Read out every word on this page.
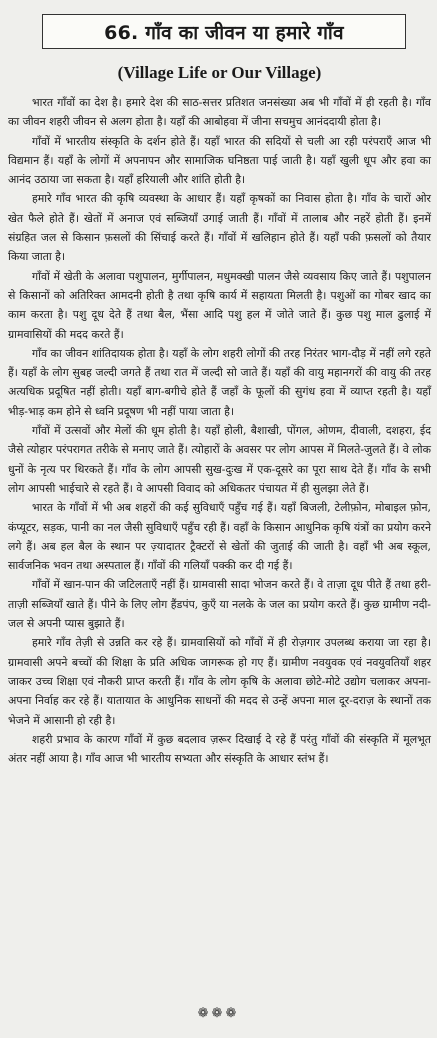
66. गाँव का जीवन या हमारे गाँव
(Village Life or Our Village)

भारत गाँवों का देश है। हमारे देश की साठ-सत्तर प्रतिशत जनसंख्या अब भी गाँवों में ही रहती है। गाँव का जीवन शहरी जीवन से अलग होता है। यहाँ की आबोहवा में जीना सचमुच आनंददायी होता है।

गाँवों में भारतीय संस्कृति के दर्शन होते हैं। यहाँ भारत की सदियों से चली आ रही परंपराएँ आज भी विद्यमान हैं। यहाँ के लोगों में अपनापन और सामाजिक घनिष्ठता पाई जाती है। यहाँ खुली धूप और हवा का आनंद उठाया जा सकता है। यहाँ हरियाली और शांति होती है।

हमारे गाँव भारत की कृषि व्यवस्था के आधार हैं। यहाँ कृषकों का निवास होता है। गाँव के चारों ओर खेत फैले होते हैं। खेतों में अनाज एवं सब्जियाँ उगाई जाती हैं। गाँवों में तालाब और नहरें होती हैं। इनमें संग्रहित जल से किसान फ़सलों की सिंचाई करते हैं। गाँवों में खलिहान होते हैं। यहाँ पकी फ़सलों को तैयार किया जाता है।

गाँवों में खेती के अलावा पशुपालन, मुर्गीपालन, मधुमक्खी पालन जैसे व्यवसाय किए जाते हैं। पशुपालन से किसानों को अतिरिक्त आमदनी होती है तथा कृषि कार्य में सहायता मिलती है। पशुओं का गोबर खाद का काम करता है। पशु दूध देते हैं तथा बैल, भैंसा आदि पशु हल में जोते जाते हैं। कुछ पशु माल ढुलाई में ग्रामवासियों की मदद करते हैं।

गाँव का जीवन शांतिदायक होता है। यहाँ के लोग शहरी लोगों की तरह निरंतर भाग-दौड़ में नहीं लगे रहते हैं। यहाँ के लोग सुबह जल्दी जगते हैं तथा रात में जल्दी सो जाते हैं। यहाँ की वायु महानगरों की वायु की तरह अत्यधिक प्रदूषित नहीं होती। यहाँ बाग-बगीचे होते हैं जहाँ के फूलों की सुगंध हवा में व्याप्त रहती है। यहाँ भीड़-भाड़ कम होने से ध्वनि प्रदूषण भी नहीं पाया जाता है।

गाँवों में उत्सवों और मेलों की धूम होती है। यहाँ होली, बैशाखी, पोंगल, ओणम, दीवाली, दशहरा, ईद जैसे त्योहार परंपरागत तरीके से मनाए जाते हैं। त्योहारों के अवसर पर लोग आपस में मिलते-जुलते हैं। वे लोक धुनों के नृत्य पर थिरकते हैं। गाँव के लोग आपसी सुख-दुःख में एक-दूसरे का पूरा साथ देते हैं। गाँव के सभी लोग आपसी भाईचारे से रहते हैं। वे आपसी विवाद को अधिकतर पंचायत में ही सुलझा लेते हैं।

भारत के गाँवों में भी अब शहरों की कई सुविधाएँ पहुँच गई हैं। यहाँ बिजली, टेलीफ़ोन, मोबाइल फ़ोन, कंप्यूटर, सड़क, पानी का नल जैसी सुविधाएँ पहुँच रही हैं। वहाँ के किसान आधुनिक कृषि यंत्रों का प्रयोग करने लगे हैं। अब हल बैल के स्थान पर ज़्यादातर ट्रैक्टरों से खेतों की जुताई की जाती है। वहाँ भी अब स्कूल, सार्वजनिक भवन तथा अस्पताल हैं। गाँवों की गलियाँ पक्की कर दी गई हैं।

गाँवों में खान-पान की जटिलताएँ नहीं हैं। ग्रामवासी सादा भोजन करते हैं। वे ताज़ा दूध पीते हैं तथा हरी-ताज़ी सब्जियाँ खाते हैं। पीने के लिए लोग हैंडपंप, कुएँ या नलके के जल का प्रयोग करते हैं। कुछ ग्रामीण नदी-जल से अपनी प्यास बुझाते हैं।

हमारे गाँव तेज़ी से उन्नति कर रहे हैं। ग्रामवासियों को गाँवों में ही रोज़गार उपलब्ध कराया जा रहा है। ग्रामवासी अपने बच्चों की शिक्षा के प्रति अधिक जागरूक हो गए हैं। ग्रामीण नवयुवक एवं नवयुवतियाँ शहर जाकर उच्च शिक्षा एवं नौकरी प्राप्त करती हैं। गाँव के लोग कृषि के अलावा छोटे-मोटे उद्योग चलाकर अपना-अपना निर्वाह कर रहे हैं। यातायात के आधुनिक साधनों की मदद से उन्हें अपना माल दूर-दराज़ के स्थानों तक भेजने में आसानी हो रही है।

शहरी प्रभाव के कारण गाँवों में कुछ बदलाव ज़रूर दिखाई दे रहे हैं परंतु गाँवों की संस्कृति में मूलभूत अंतर नहीं आया है। गाँव आज भी भारतीय सभ्यता और संस्कृति के आधार स्तंभ हैं।

❁❁❁
